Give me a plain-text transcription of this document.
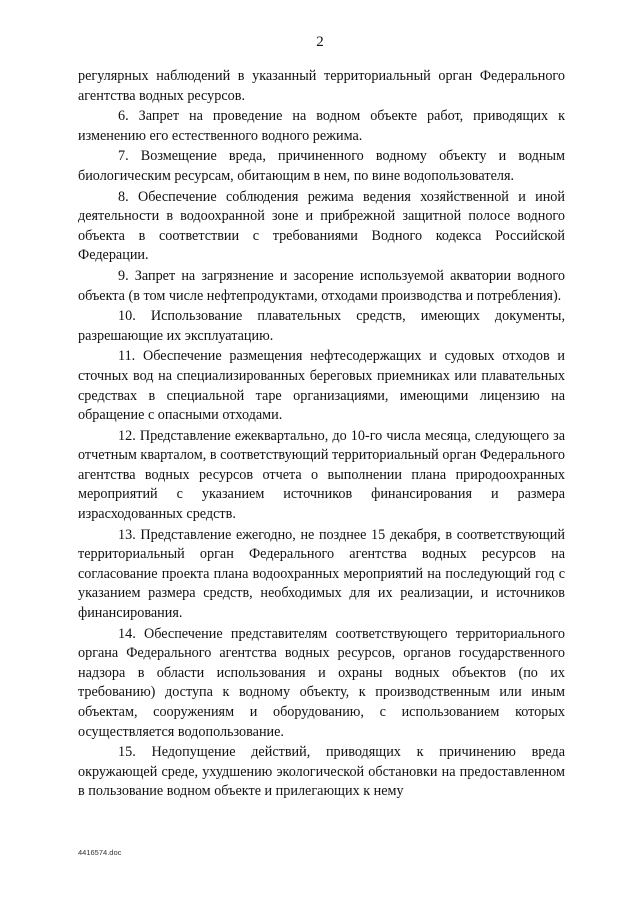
2

регулярных наблюдений в указанный территориальный орган Федерального агентства водных ресурсов.

6. Запрет на проведение на водном объекте работ, приводящих к изменению его естественного водного режима.

7. Возмещение вреда, причиненного водному объекту и водным биологическим ресурсам, обитающим в нем, по вине водопользователя.

8. Обеспечение соблюдения режима ведения хозяйственной и иной деятельности в водоохранной зоне и прибрежной защитной полосе водного объекта в соответствии с требованиями Водного кодекса Российской Федерации.

9. Запрет на загрязнение и засорение используемой акватории водного объекта (в том числе нефтепродуктами, отходами производства и потребления).

10. Использование плавательных средств, имеющих документы, разрешающие их эксплуатацию.

11. Обеспечение размещения нефтесодержащих и судовых отходов и сточных вод на специализированных береговых приемниках или плавательных средствах в специальной таре организациями, имеющими лицензию на обращение с опасными отходами.

12. Представление ежеквартально, до 10-го числа месяца, следующего за отчетным кварталом, в соответствующий территориальный орган Федерального агентства водных ресурсов отчета о выполнении плана природоохранных мероприятий с указанием источников финансирования и размера израсходованных средств.

13. Представление ежегодно, не позднее 15 декабря, в соответствующий территориальный орган Федерального агентства водных ресурсов на согласование проекта плана водоохранных мероприятий на последующий год с указанием размера средств, необходимых для их реализации, и источников финансирования.

14. Обеспечение представителям соответствующего территориального органа Федерального агентства водных ресурсов, органов государственного надзора в области использования и охраны водных объектов (по их требованию) доступа к водному объекту, к производственным или иным объектам, сооружениям и оборудованию, с использованием которых осуществляется водопользование.

15. Недопущение действий, приводящих к причинению вреда окружающей среде, ухудшению экологической обстановки на предоставленном в пользование водном объекте и прилегающих к нему

4416574.doc
